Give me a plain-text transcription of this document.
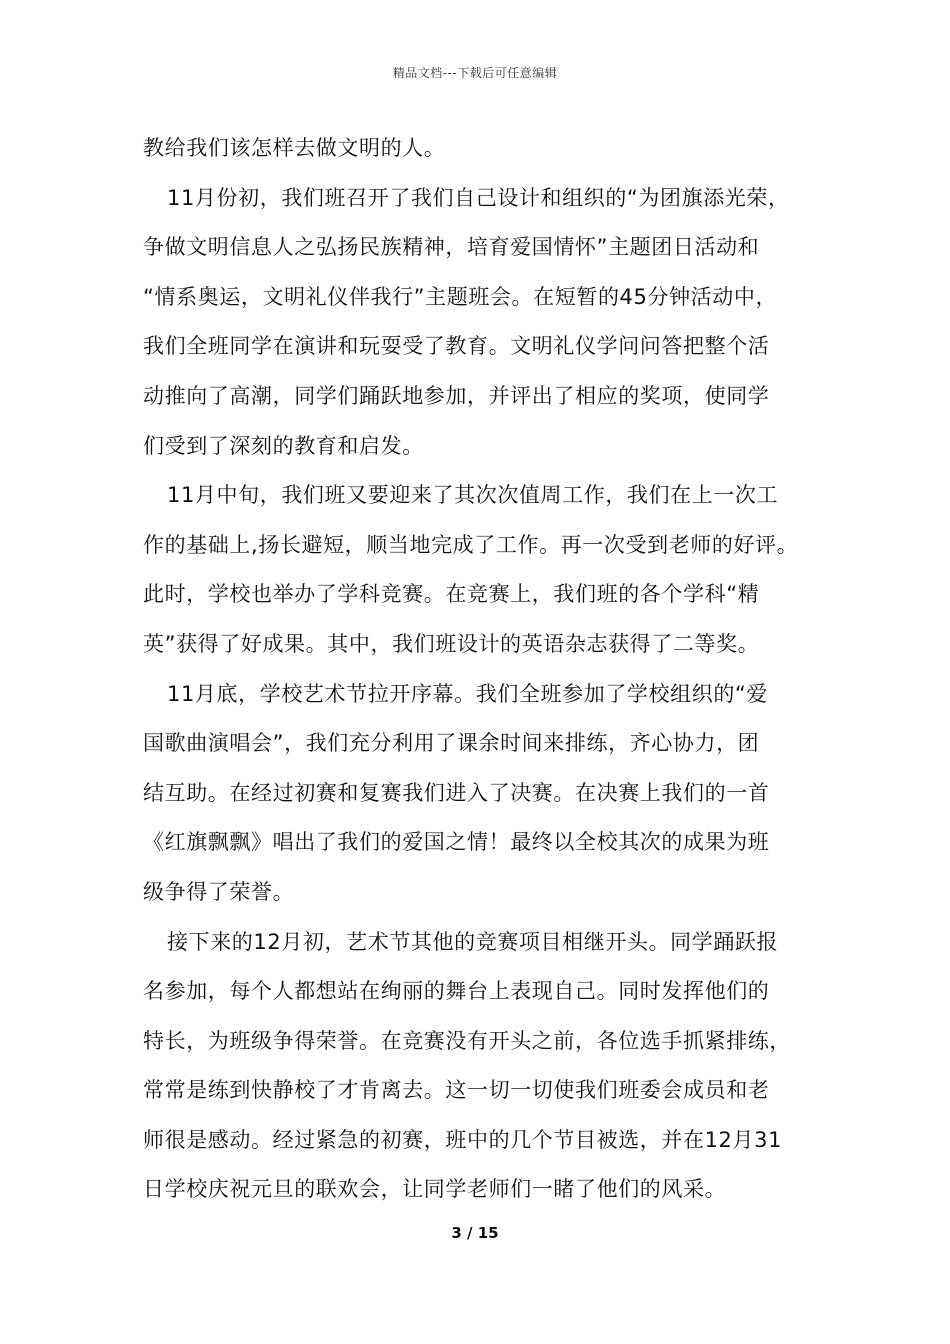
精品文档---下载后可任意编辑
教给我们该怎样去做文明的人。
11月份初，我们班召开了我们自己设计和组织的“为团旗添光荣，
争做文明信息人之弘扬民族精神，培育爱国情怀”主题团日活动和
“情系奥运，文明礼仪伴我行”主题班会。在短暂的45分钟活动中，
我们全班同学在演讲和玩耍受了教育。文明礼仪学问问答把整个活
动推向了高潮，同学们踊跃地参加，并评出了相应的奖项，使同学
们受到了深刻的教育和启发。
11月中旬，我们班又要迎来了其次次值周工作，我们在上一次工
作的基础上,扬长避短，顺当地完成了工作。再一次受到老师的好评。
此时，学校也举办了学科竞赛。在竞赛上，我们班的各个学科“精
英”获得了好成果。其中，我们班设计的英语杂志获得了二等奖。
11月底，学校艺术节拉开序幕。我们全班参加了学校组织的“爱
国歌曲演唱会”，我们充分利用了课余时间来排练，齐心协力，团
结互助。在经过初赛和复赛我们进入了决赛。在决赛上我们的一首
《红旗飘飘》唱出了我们的爱国之情！最终以全校其次的成果为班
级争得了荣誉。
接下来的12月初，艺术节其他的竞赛项目相继开头。同学踊跃报
名参加，每个人都想站在绚丽的舞台上表现自己。同时发挥他们的
特长，为班级争得荣誉。在竞赛没有开头之前，各位选手抓紧排练，
常常是练到快静校了才肯离去。这一切一切使我们班委会成员和老
师很是感动。经过紧急的初赛，班中的几个节目被选，并在12月31
日学校庆祝元旦的联欢会，让同学老师们一睹了他们的风采。
3 / 15
